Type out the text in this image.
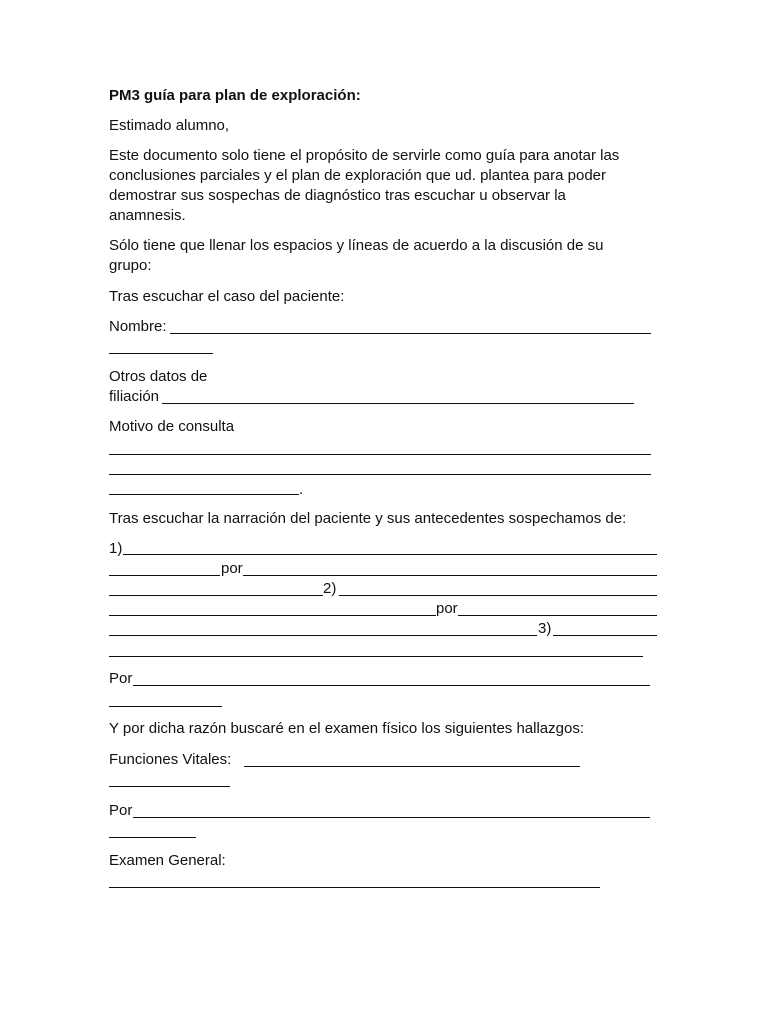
PM3 guía para plan de exploración:

Estimado alumno,

Este documento solo tiene el propósito de servirle como guía para anotar las

conclusiones parciales y el plan de exploración que ud. plantea para poder

demostrar sus sospechas de diagnóstico tras escuchar u observar la

anamnesis.

Sólo tiene que llenar los espacios y líneas de acuerdo a la discusión de su

grupo:

Tras escuchar el caso del paciente:

Nombre:

Otros datos de

filiación

Motivo de consulta

.

Tras escuchar la narración del paciente y sus antecedentes sospechamos de:

1)

por

2)

por

3)

Por

Y por dicha razón buscaré en el examen físico los siguientes hallazgos:

Funciones Vitales:

Por

Examen General:
